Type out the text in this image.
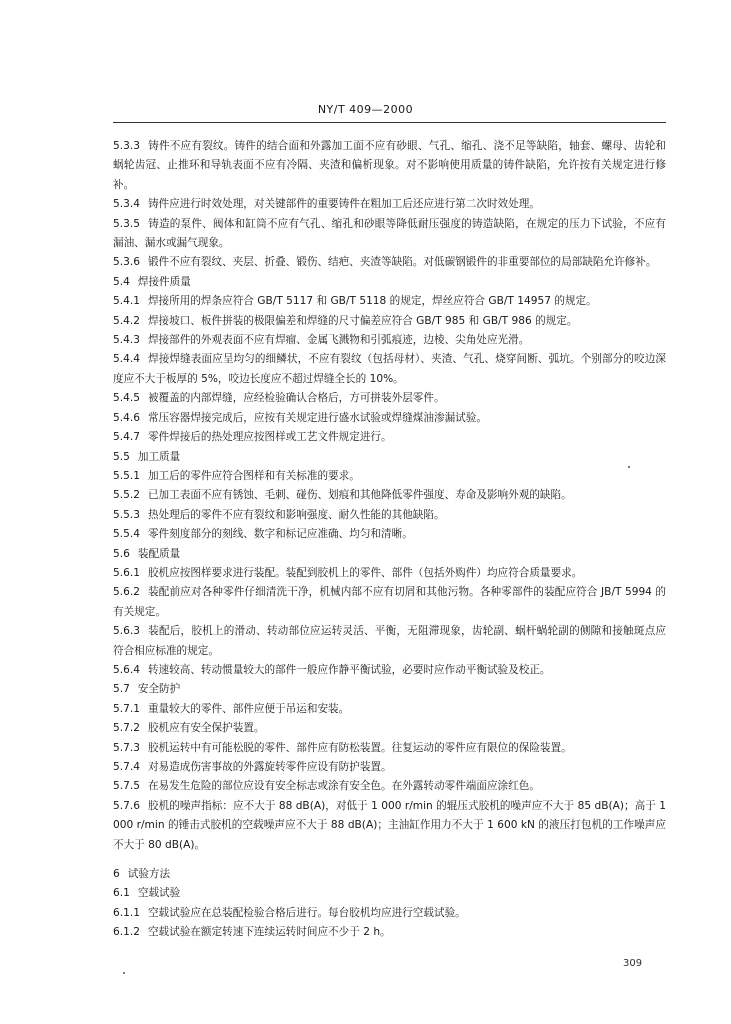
NY/T 409—2000

5.3.3 铸件不应有裂纹。铸件的结合面和外露加工面不应有砂眼、气孔、缩孔、浇不足等缺陷，轴套、螺母、齿轮和蜗轮齿冠、止推环和导轨表面不应有冷隔、夹渣和偏析现象。对不影响使用质量的铸件缺陷，允许按有关规定进行修补。

5.3.4 铸件应进行时效处理，对关键部件的重要铸件在粗加工后还应进行第二次时效处理。

5.3.5 铸造的泵件、阀体和缸筒不应有气孔、缩孔和砂眼等降低耐压强度的铸造缺陷，在规定的压力下试验，不应有漏油、漏水或漏气现象。

5.3.6 锻件不应有裂纹、夹层、折叠、锻伤、结疤、夹渣等缺陷。对低碳钢锻件的非重要部位的局部缺陷允许修补。

5.4 焊接件质量

5.4.1 焊接所用的焊条应符合 GB/T 5117 和 GB/T 5118 的规定，焊丝应符合 GB/T 14957 的规定。

5.4.2 焊接坡口、板件拼装的极限偏差和焊缝的尺寸偏差应符合 GB/T 985 和 GB/T 986 的规定。

5.4.3 焊接部件的外观表面不应有焊瘤、金属飞溅物和引弧痕迹，边棱、尖角处应光滑。

5.4.4 焊接焊缝表面应呈均匀的细鳞状，不应有裂纹（包括母材）、夹渣、气孔、烧穿间断、弧坑。个别部分的咬边深度应不大于板厚的 5%，咬边长度应不超过焊缝全长的 10%。

5.4.5 被覆盖的内部焊缝，应经检验确认合格后，方可拼装外层零件。

5.4.6 常压容器焊接完成后，应按有关规定进行盛水试验或焊缝煤油渗漏试验。

5.4.7 零件焊接后的热处理应按图样或工艺文件规定进行。

5.5 加工质量

5.5.1 加工后的零件应符合图样和有关标准的要求。

5.5.2 已加工表面不应有锈蚀、毛刺、碰伤、划痕和其他降低零件强度、寿命及影响外观的缺陷。

5.5.3 热处理后的零件不应有裂纹和影响强度、耐久性能的其他缺陷。

5.5.4 零件刻度部分的刻线、数字和标记应准确、均匀和清晰。

5.6 装配质量

5.6.1 胶机应按图样要求进行装配。装配到胶机上的零件、部件（包括外购件）均应符合质量要求。

5.6.2 装配前应对各种零件仔细清洗干净，机械内部不应有切屑和其他污物。各种零部件的装配应符合 JB/T 5994 的有关规定。

5.6.3 装配后，胶机上的滑动、转动部位应运转灵活、平衡，无阻滞现象，齿轮副、蜗杆蜗轮副的侧隙和接触斑点应符合相应标准的规定。

5.6.4 转速较高、转动惯量较大的部件一般应作静平衡试验，必要时应作动平衡试验及校正。

5.7 安全防护

5.7.1 重量较大的零件、部件应便于吊运和安装。

5.7.2 胶机应有安全保护装置。

5.7.3 胶机运转中有可能松脱的零件、部件应有防松装置。往复运动的零件应有限位的保险装置。

5.7.4 对易造成伤害事故的外露旋转零件应设有防护装置。

5.7.5 在易发生危险的部位应设有安全标志或涂有安全色。在外露转动零件端面应涂红色。

5.7.6 胶机的噪声指标：应不大于 88 dB(A)，对低于 1 000 r/min 的辊压式胶机的噪声应不大于 85 dB(A)；高于 1 000 r/min 的锤击式胶机的空载噪声应不大于 88 dB(A)；主油缸作用力不大于 1 600 kN 的液压打包机的工作噪声应不大于 80 dB(A)。

6 试验方法

6.1 空载试验

6.1.1 空载试验应在总装配检验合格后进行。每台胶机均应进行空载试验。

6.1.2 空载试验在额定转速下连续运转时间应不少于 2 h。

309
